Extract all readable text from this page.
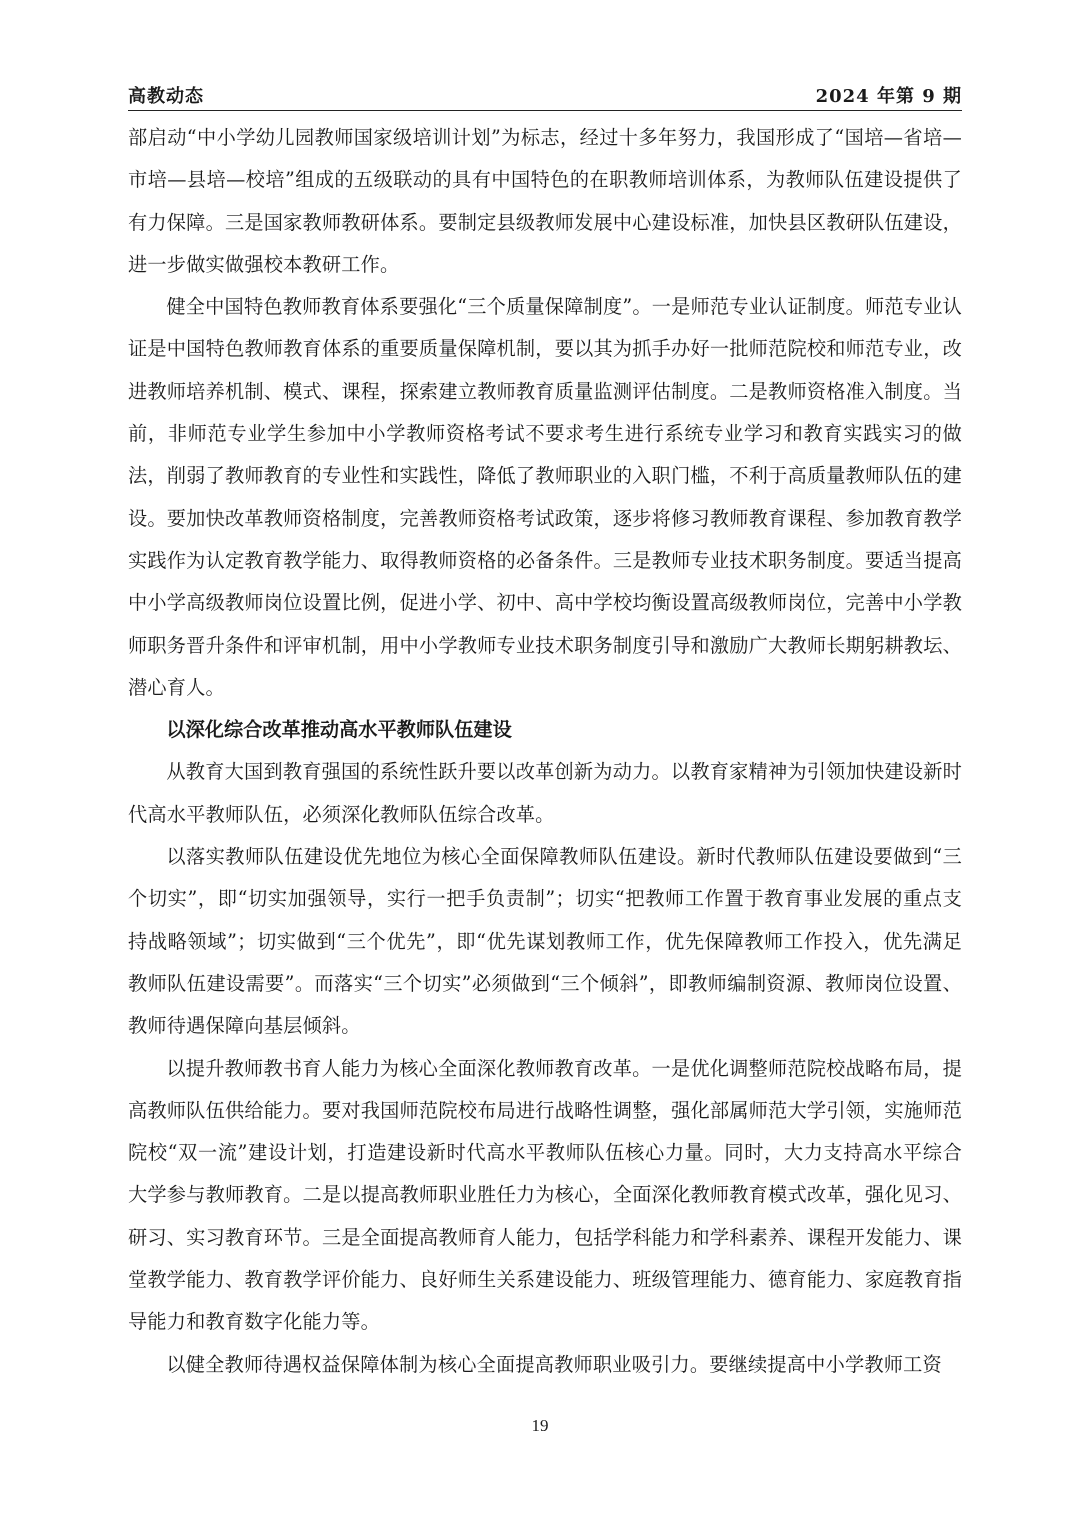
高教动态	2024 年第 9 期

部启动“中小学幼儿园教师国家级培训计划”为标志，经过十多年努力，我国形成了“国培—省培—市培—县培—校培”组成的五级联动的具有中国特色的在职教师培训体系，为教师队伍建设提供了有力保障。三是国家教师教研体系。要制定县级教师发展中心建设标准，加快县区教研队伍建设，进一步做实做强校本教研工作。

健全中国特色教师教育体系要强化“三个质量保障制度”。一是师范专业认证制度。师范专业认证是中国特色教师教育体系的重要质量保障机制，要以其为抓手办好一批师范院校和师范专业，改进教师培养机制、模式、课程，探索建立教师教育质量监测评估制度。二是教师资格准入制度。当前，非师范专业学生参加中小学教师资格考试不要求考生进行系统专业学习和教育实践实习的做法，削弱了教师教育的专业性和实践性，降低了教师职业的入职门槛，不利于高质量教师队伍的建设。要加快改革教师资格制度，完善教师资格考试政策，逐步将修习教师教育课程、参加教育教学实践作为认定教育教学能力、取得教师资格的必备条件。三是教师专业技术职务制度。要适当提高中小学高级教师岗位设置比例，促进小学、初中、高中学校均衡设置高级教师岗位，完善中小学教师职务晋升条件和评审机制，用中小学教师专业技术职务制度引导和激励广大教师长期躬耕教坛、潜心育人。

以深化综合改革推动高水平教师队伍建设

从教育大国到教育强国的系统性跃升要以改革创新为动力。以教育家精神为引领加快建设新时代高水平教师队伍，必须深化教师队伍综合改革。

以落实教师队伍建设优先地位为核心全面保障教师队伍建设。新时代教师队伍建设要做到“三个切实”，即“切实加强领导，实行一把手负责制”；切实“把教师工作置于教育事业发展的重点支持战略领域”；切实做到“三个优先”，即“优先谋划教师工作，优先保障教师工作投入，优先满足教师队伍建设需要”。而落实“三个切实”必须做到“三个倾斜”，即教师编制资源、教师岗位设置、教师待遇保障向基层倾斜。

以提升教师教书育人能力为核心全面深化教师教育改革。一是优化调整师范院校战略布局，提高教师队伍供给能力。要对我国师范院校布局进行战略性调整，强化部属师范大学引领，实施师范院校“双一流”建设计划，打造建设新时代高水平教师队伍核心力量。同时，大力支持高水平综合大学参与教师教育。二是以提高教师职业胜任力为核心，全面深化教师教育模式改革，强化见习、研习、实习教育环节。三是全面提高教师育人能力，包括学科能力和学科素养、课程开发能力、课堂教学能力、教育教学评价能力、良好师生关系建设能力、班级管理能力、德育能力、家庭教育指导能力和教育数字化能力等。

以健全教师待遇权益保障体制为核心全面提高教师职业吸引力。要继续提高中小学教师工资

19
